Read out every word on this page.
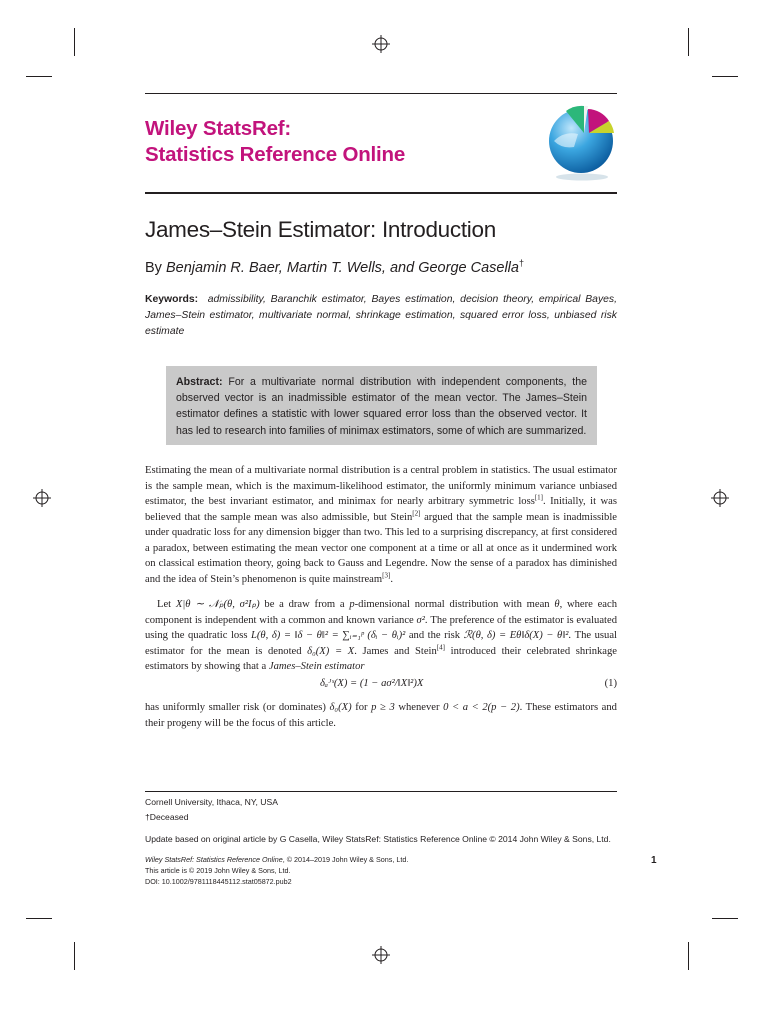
Wiley StatsRef:
Statistics Reference Online
James–Stein Estimator: Introduction
By Benjamin R. Baer, Martin T. Wells, and George Casella†
Keywords: admissibility, Baranchik estimator, Bayes estimation, decision theory, empirical Bayes, James–Stein estimator, multivariate normal, shrinkage estimation, squared error loss, unbiased risk estimate
Abstract: For a multivariate normal distribution with independent components, the observed vector is an inadmissible estimator of the mean vector. The James–Stein estimator defines a statistic with lower squared error loss than the observed vector. It has led to research into families of minimax estimators, some of which are summarized.

Estimating the mean of a multivariate normal distribution is a central problem in statistics. The usual estimator is the sample mean, which is the maximum-likelihood estimator, the uniformly minimum variance unbiased estimator, the best invariant estimator, and minimax for nearly arbitrary symmetric loss[1]. Initially, it was believed that the sample mean was also admissible, but Stein[2] argued that the sample mean is inadmissible under quadratic loss for any dimension bigger than two. This led to a surprising discrepancy, at first considered a paradox, between estimating the mean vector one component at a time or all at once as it undermined work on classical estimation theory, going back to Gauss and Legendre. Now the sense of a paradox has diminished and the idea of Stein’s phenomenon is quite mainstream[3].

Let X|θ ∼ 𝒩ₚ(θ, σ²Iₚ) be a draw from a p-dimensional normal distribution with mean θ, where each component is independent with a common and known variance σ². The preference of the estimator is evaluated using the quadratic loss L(θ, δ) = ‖δ − θ‖² = ∑ᵢ₌₁ᵖ (δᵢ − θᵢ)² and the risk ℛ(θ, δ) = Eθ‖δ(X) − θ‖². The usual estimator for the mean is denoted δ₀(X) = X. James and Stein[4] introduced their celebrated shrinkage estimators by showing that a James–Stein estimator

δₐᴶˢ(X) = (1 − aσ²/‖X‖²)X	(1)

has uniformly smaller risk (or dominates) δ₀(X) for p ≥ 3 whenever 0 < a < 2(p − 2). These estimators and their progeny will be the focus of this article.

Cornell University, Ithaca, NY, USA
†Deceased
Update based on original article by G Casella, Wiley StatsRef: Statistics Reference Online © 2014 John Wiley & Sons, Ltd.
Wiley StatsRef: Statistics Reference Online, © 2014–2019 John Wiley & Sons, Ltd.
This article is © 2019 John Wiley & Sons, Ltd.
DOI: 10.1002/9781118445112.stat05872.pub2
1
